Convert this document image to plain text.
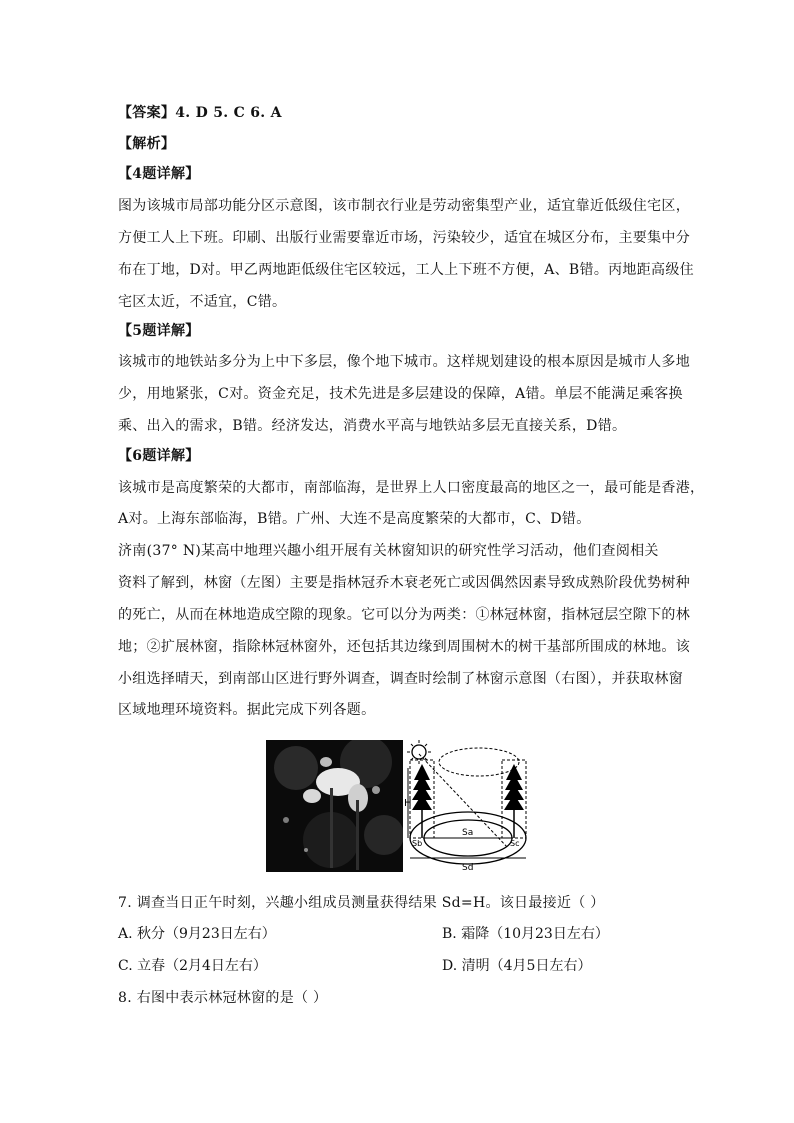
【答案】4. D 5. C 6. A
【解析】
【4题详解】
图为该城市局部功能分区示意图，该市制衣行业是劳动密集型产业，适宜靠近低级住宅区，
方便工人上下班。印刷、出版行业需要靠近市场，污染较少，适宜在城区分布，主要集中分
布在丁地，D对。甲乙两地距低级住宅区较远，工人上下班不方便，A、B错。丙地距高级住
宅区太近，不适宜，C错。
【5题详解】
该城市的地铁站多分为上中下多层，像个地下城市。这样规划建设的根本原因是城市人多地
少，用地紧张，C对。资金充足，技术先进是多层建设的保障，A错。单层不能满足乘客换
乘、出入的需求，B错。经济发达，消费水平高与地铁站多层无直接关系，D错。
【6题详解】
该城市是高度繁荣的大都市，南部临海，是世界上人口密度最高的地区之一，最可能是香港，
A对。上海东部临海，B错。广州、大连不是高度繁荣的大都市，C、D错。
济南(37° N)某高中地理兴趣小组开展有关林窗知识的研究性学习活动，他们查阅相关
资料了解到，林窗（左图）主要是指林冠乔木衰老死亡或因偶然因素导致成熟阶段优势树种
的死亡，从而在林地造成空隙的现象。它可以分为两类：①林冠林窗，指林冠层空隙下的林
地；②扩展林窗，指除林冠林窗外，还包括其边缘到周围树木的树干基部所围成的林地。该
小组选择晴天，到南部山区进行野外调查，调查时绘制了林窗示意图（右图），并获取林窗
区域地理环境资料。据此完成下列各题。
H
Sa
Sb	Sc
Sd
7. 调查当日正午时刻，兴趣小组成员测量获得结果 Sd=H。该日最接近（ ）
A. 秋分（9月23日左右）	B. 霜降（10月23日左右）
C. 立春（2月4日左右）	D. 清明（4月5日左右）
8. 右图中表示林冠林窗的是（ ）
